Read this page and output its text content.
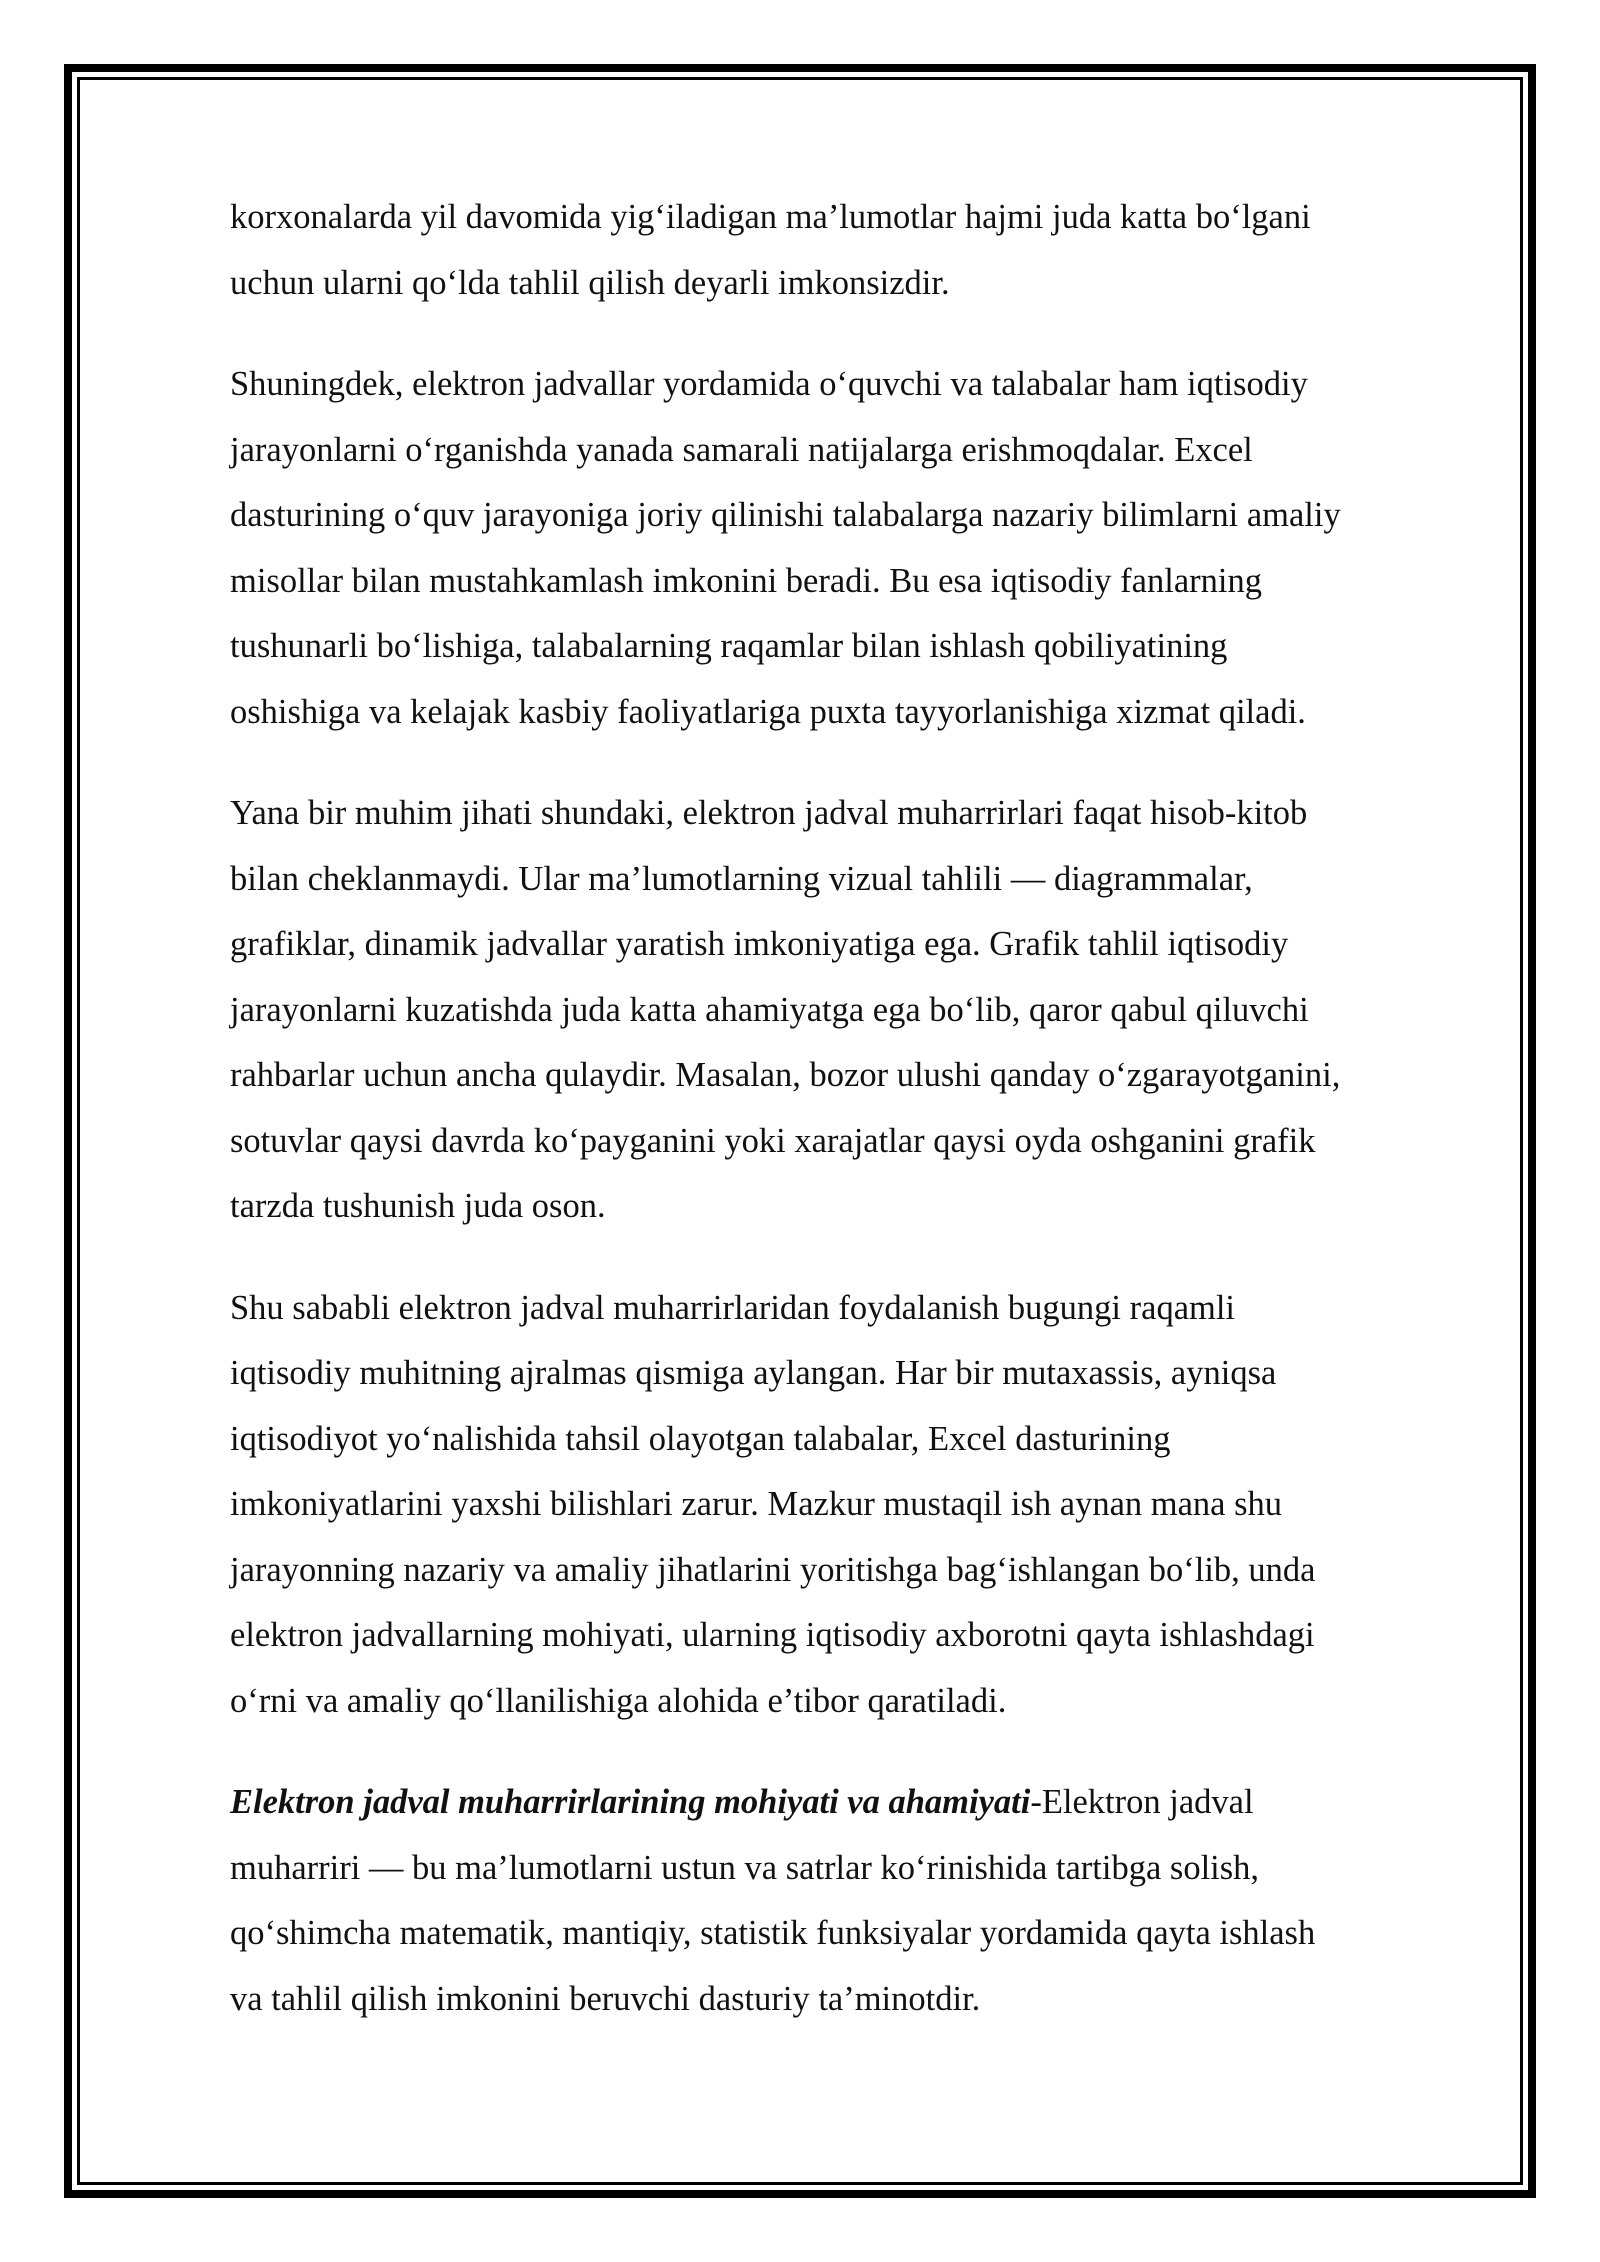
korxonalarda yil davomida yig‘iladigan ma’lumotlar hajmi juda katta bo‘lgani
uchun ularni qo‘lda tahlil qilish deyarli imkonsizdir.

Shuningdek, elektron jadvallar yordamida o‘quvchi va talabalar ham iqtisodiy
jarayonlarni o‘rganishda yanada samarali natijalarga erishmoqdalar. Excel
dasturining o‘quv jarayoniga joriy qilinishi talabalarga nazariy bilimlarni amaliy
misollar bilan mustahkamlash imkonini beradi. Bu esa iqtisodiy fanlarning
tushunarli bo‘lishiga, talabalarning raqamlar bilan ishlash qobiliyatining
oshishiga va kelajak kasbiy faoliyatlariga puxta tayyorlanishiga xizmat qiladi.

Yana bir muhim jihati shundaki, elektron jadval muharrirlari faqat hisob-kitob
bilan cheklanmaydi. Ular ma’lumotlarning vizual tahlili — diagrammalar,
grafiklar, dinamik jadvallar yaratish imkoniyatiga ega. Grafik tahlil iqtisodiy
jarayonlarni kuzatishda juda katta ahamiyatga ega bo‘lib, qaror qabul qiluvchi
rahbarlar uchun ancha qulaydir. Masalan, bozor ulushi qanday o‘zgarayotganini,
sotuvlar qaysi davrda ko‘payganini yoki xarajatlar qaysi oyda oshganini grafik
tarzda tushunish juda oson.

Shu sababli elektron jadval muharrirlaridan foydalanish bugungi raqamli
iqtisodiy muhitning ajralmas qismiga aylangan. Har bir mutaxassis, ayniqsa
iqtisodiyot yo‘nalishida tahsil olayotgan talabalar, Excel dasturining
imkoniyatlarini yaxshi bilishlari zarur. Mazkur mustaqil ish aynan mana shu
jarayonning nazariy va amaliy jihatlarini yoritishga bag‘ishlangan bo‘lib, unda
elektron jadvallarning mohiyati, ularning iqtisodiy axborotni qayta ishlashdagi
o‘rni va amaliy qo‘llanilishiga alohida e’tibor qaratiladi.

Elektron jadval muharrirlarining mohiyati va ahamiyati-Elektron jadval
muharriri — bu ma’lumotlarni ustun va satrlar ko‘rinishida tartibga solish,
qo‘shimcha matematik, mantiqiy, statistik funksiyalar yordamida qayta ishlash
va tahlil qilish imkonini beruvchi dasturiy ta’minotdir.
